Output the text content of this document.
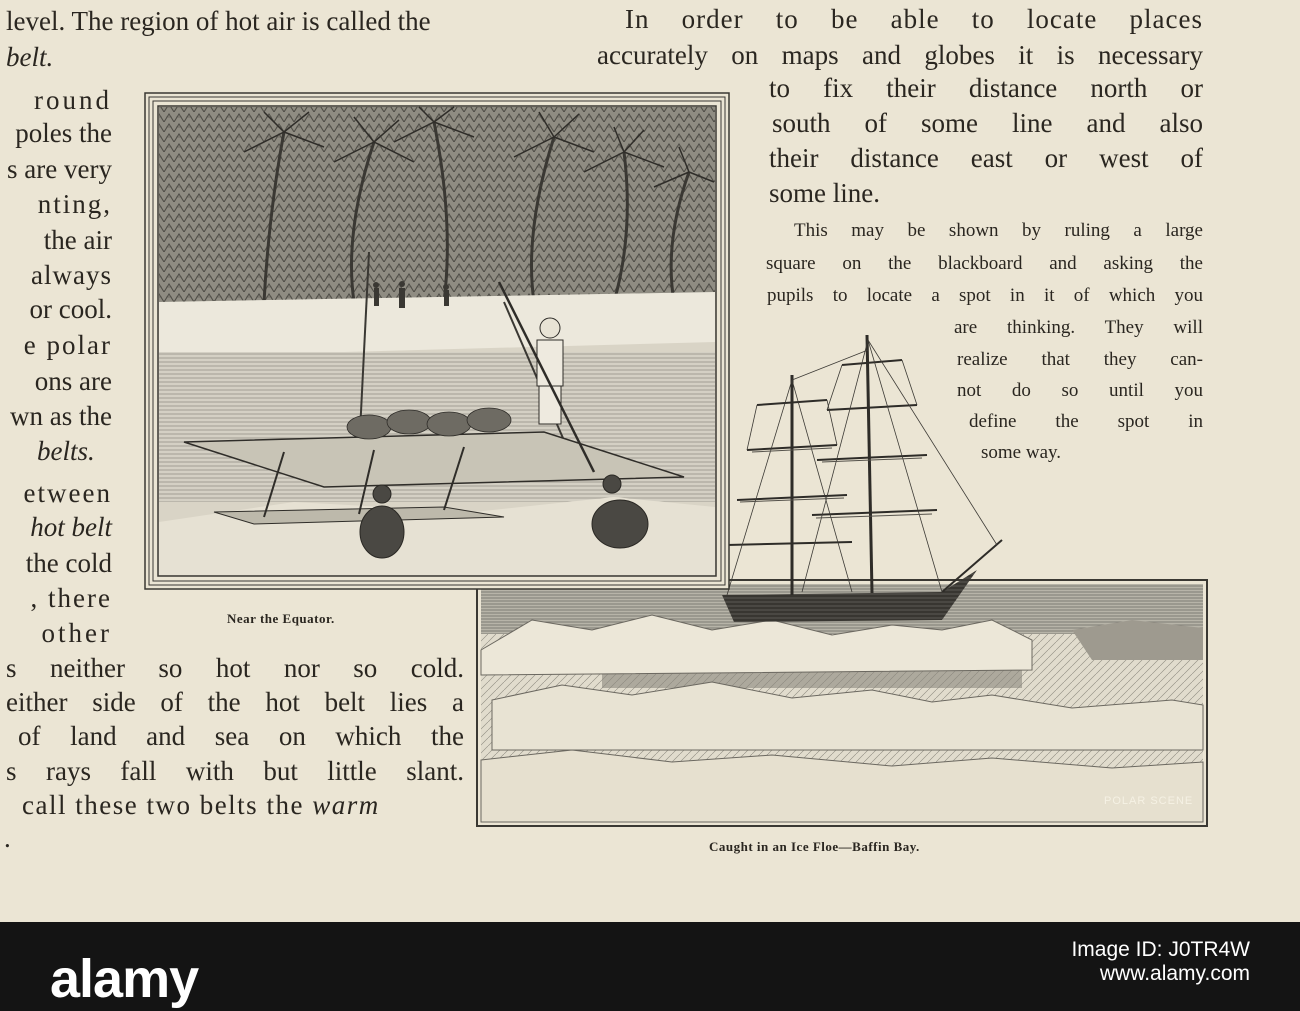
level. The region of hot air is called the
belt.
round
poles the
s are very
nting,
the air
always
or cool.
e polar
ons are
wn as the
belts.
etween
hot belt
the cold
, there
other
s neither so hot nor so cold.
either side of the hot belt lies a
of land and sea on which the
s rays fall with but little slant.
call these two belts the warm
.
In order to be able to locate places
accurately on maps and globes it is necessary
to fix their distance north or
south of some line and also
their distance east or west of
some line.
This may be shown by ruling a large
square on the blackboard and asking the
pupils to locate a spot in it of which you
are thinking. They will
realize that they can-
not do so until you
define the spot in
some way.
POLAR SCENE
Near the Equator.
Caught in an Ice Floe—Baffin Bay.
alamy	Image ID: J0TR4W
www.alamy.com
